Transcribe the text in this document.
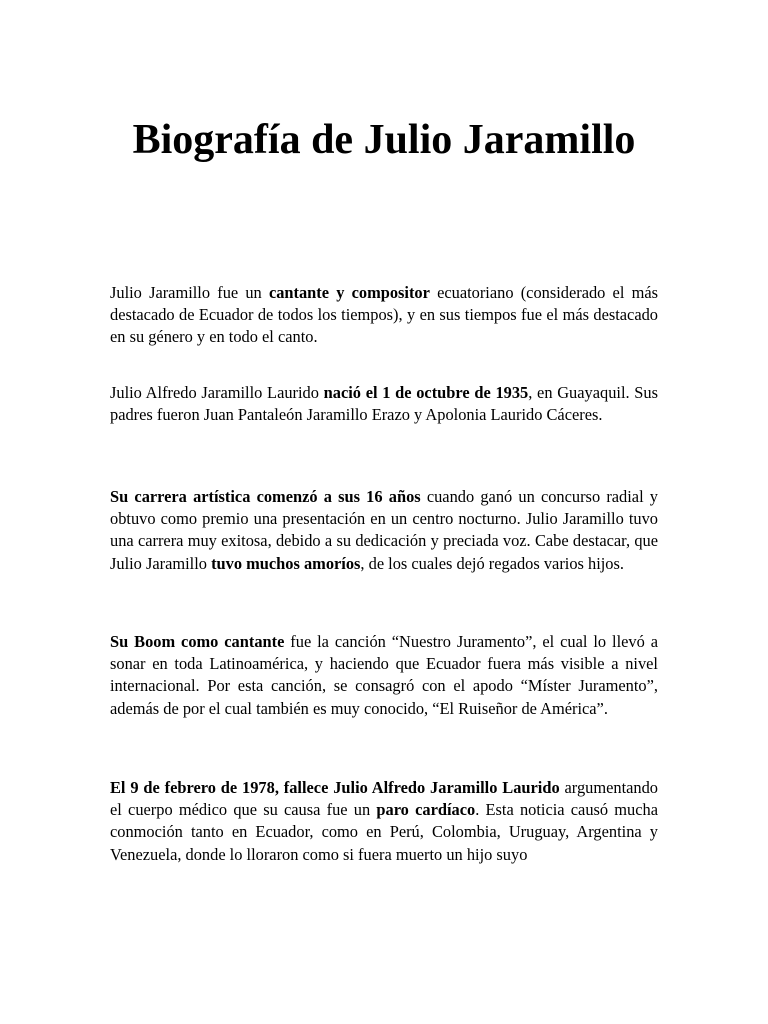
Biografía de Julio Jaramillo

Julio Jaramillo fue un cantante y compositor ecuatoriano (considerado el más destacado de Ecuador de todos los tiempos), y en sus tiempos fue el más destacado en su género y en todo el canto.

Julio Alfredo Jaramillo Laurido nació el 1 de octubre de 1935, en Guayaquil. Sus padres fueron Juan Pantaleón Jaramillo Erazo y Apolonia Laurido Cáceres.

Su carrera artística comenzó a sus 16 años cuando ganó un concurso radial y obtuvo como premio una presentación en un centro nocturno. Julio Jaramillo tuvo una carrera muy exitosa, debido a su dedicación y preciada voz. Cabe destacar, que Julio Jaramillo tuvo muchos amoríos, de los cuales dejó regados varios hijos.

Su Boom como cantante fue la canción “Nuestro Juramento”, el cual lo llevó a sonar en toda Latinoamérica, y haciendo que Ecuador fuera más visible a nivel internacional. Por esta canción, se consagró con el apodo “Míster Juramento”, además de por el cual también es muy conocido, “El Ruiseñor de América”.

El 9 de febrero de 1978, fallece Julio Alfredo Jaramillo Laurido argumentando el cuerpo médico que su causa fue un paro cardíaco. Esta noticia causó mucha conmoción tanto en Ecuador, como en Perú, Colombia, Uruguay, Argentina y Venezuela, donde lo lloraron como si fuera muerto un hijo suyo
